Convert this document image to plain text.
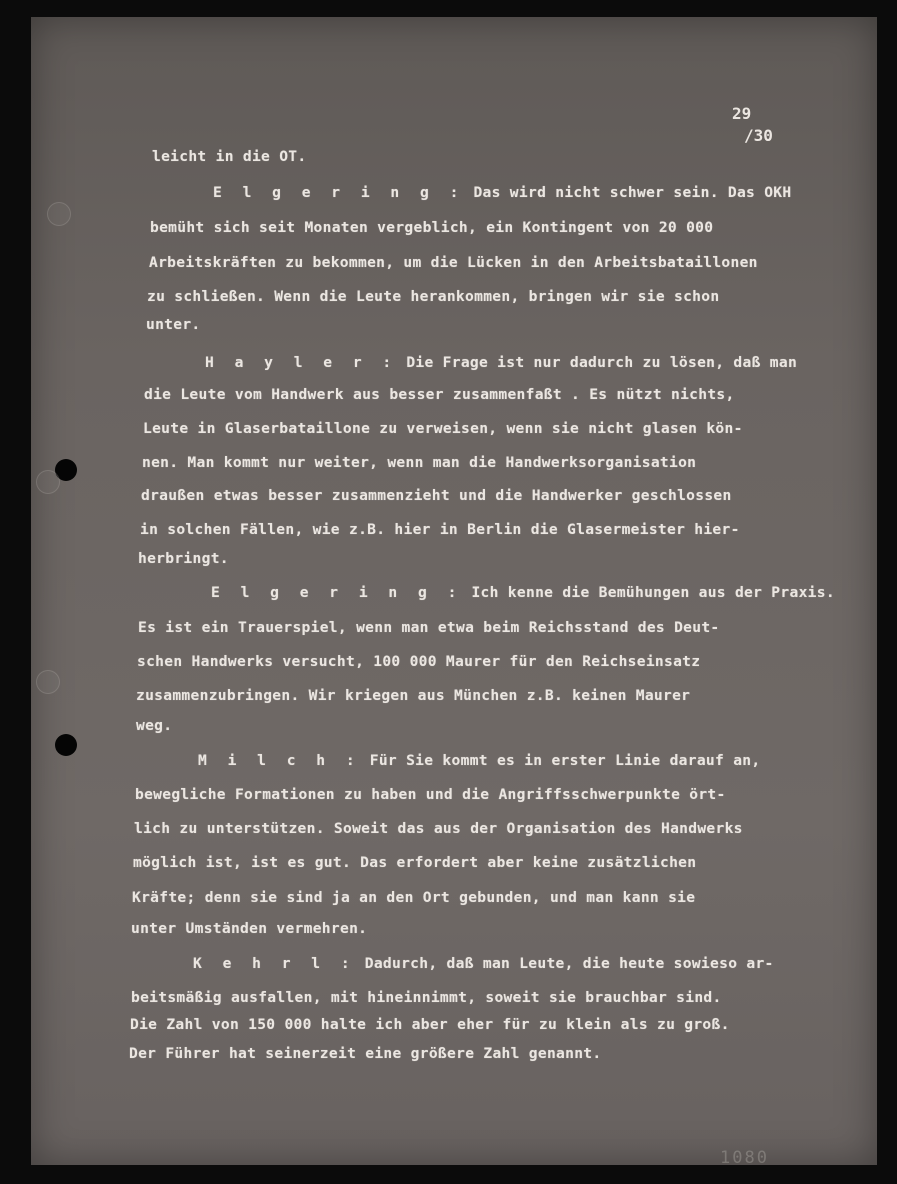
29
/30

leicht in die OT.

E l g e r i n g : Das wird nicht schwer sein. Das OKH

bemüht sich seit Monaten vergeblich, ein Kontingent von 20 000

Arbeitskräften zu bekommen, um die Lücken in den Arbeitsbataillonen

zu schließen. Wenn die Leute herankommen, bringen wir sie schon

unter.

H a y l e r : Die Frage ist nur dadurch zu lösen, daß man

die Leute vom Handwerk aus besser zusammenfaßt . Es nützt nichts,

Leute in Glaserbataillone zu verweisen, wenn sie nicht glasen kön-

nen. Man kommt nur weiter, wenn man die Handwerksorganisation

draußen etwas besser zusammenzieht und die Handwerker geschlossen

in solchen Fällen, wie z.B. hier in Berlin die Glasermeister hier-

herbringt.

E l g e r i n g : Ich kenne die Bemühungen aus der Praxis.

Es ist ein Trauerspiel, wenn man etwa beim Reichsstand des Deut-

schen Handwerks versucht, 100 000 Maurer für den Reichseinsatz

zusammenzubringen. Wir kriegen aus München z.B. keinen Maurer

weg.

M i l c h : Für Sie kommt es in erster Linie darauf an,

bewegliche Formationen zu haben und die Angriffsschwerpunkte ört-

lich zu unterstützen. Soweit das aus der Organisation des Handwerks

möglich ist, ist es gut. Das erfordert aber keine zusätzlichen

Kräfte; denn sie sind ja an den Ort gebunden, und man kann sie

unter Umständen vermehren.

K e h r l : Dadurch, daß man Leute, die heute sowieso ar-

beitsmäßig ausfallen, mit hineinnimmt, soweit sie brauchbar sind.

Die Zahl von 150 000 halte ich aber eher für zu klein als zu groß.

Der Führer hat seinerzeit eine größere Zahl genannt.

1080
